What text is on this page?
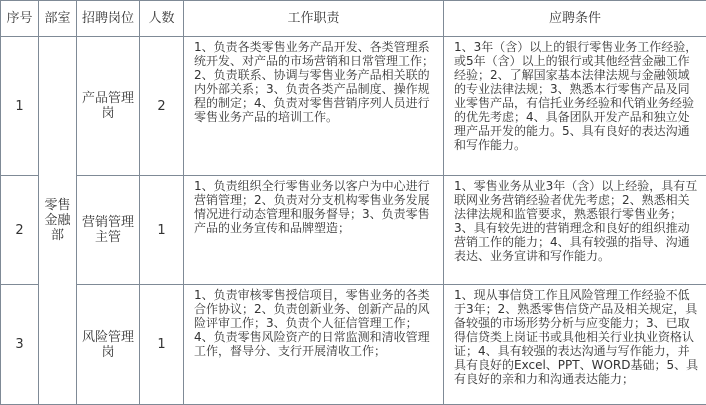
序号	部室	招聘岗位	人数	工作职责	应聘条件
1	零售金融部	产品管理岗	2	1、负责各类零售业务产品开发、各类管理系统开发、对产品的市场营销和日常管理工作；2、负责联系、协调与零售业务产品相关联的内外部关系；3、负责各类产品制度、操作规程的制定；4、负责对零售营销序列人员进行零售业务产品的培训工作。	1、3年（含）以上的银行零售业务工作经验，或5年（含）以上的银行或其他经营金融工作经验；2、了解国家基本法律法规与金融领域的专业法律法规；3、熟悉本行零售产品及同业零售产品，有信托业务经验和代销业务经验的优先考虑；4、具备团队开发产品和独立处理产品开发的能力。5、具有良好的表达沟通和写作能力。
2		营销管理主管	1	1、负责组织全行零售业务以客户为中心进行营销管理；2、负责对分支机构零售业务发展情况进行动态管理和服务督导；3、负责零售产品的业务宣传和品牌塑造；	1、零售业务从业3年（含）以上经验，具有互联网业务营销经验者优先考虑；2、熟悉相关法律法规和监管要求，熟悉银行零售业务；3、具有较先进的营销理念和良好的组织推动营销工作的能力；4、具有较强的指导、沟通表达、业务宣讲和写作能力。
3		风险管理岗	1	1、负责审核零售授信项目，零售业务的各类合作协议；2、负责创新业务、创新产品的风险评审工作；3、负责个人征信管理工作；4、负责零售风险资产的日常监测和清收管理工作，督导分、支行开展清收工作；	1、现从事信贷工作且风险管理工作经验不低于3年；2、熟悉零售信贷产品及相关规定，具备较强的市场形势分析与应变能力；3、已取得信贷类上岗证书或具他相关行业执业资格认证；4、具有较强的表达沟通与写作能力，并具有良好的Excel、PPT、WORD基础；5、具有良好的亲和力和沟通表达能力；
